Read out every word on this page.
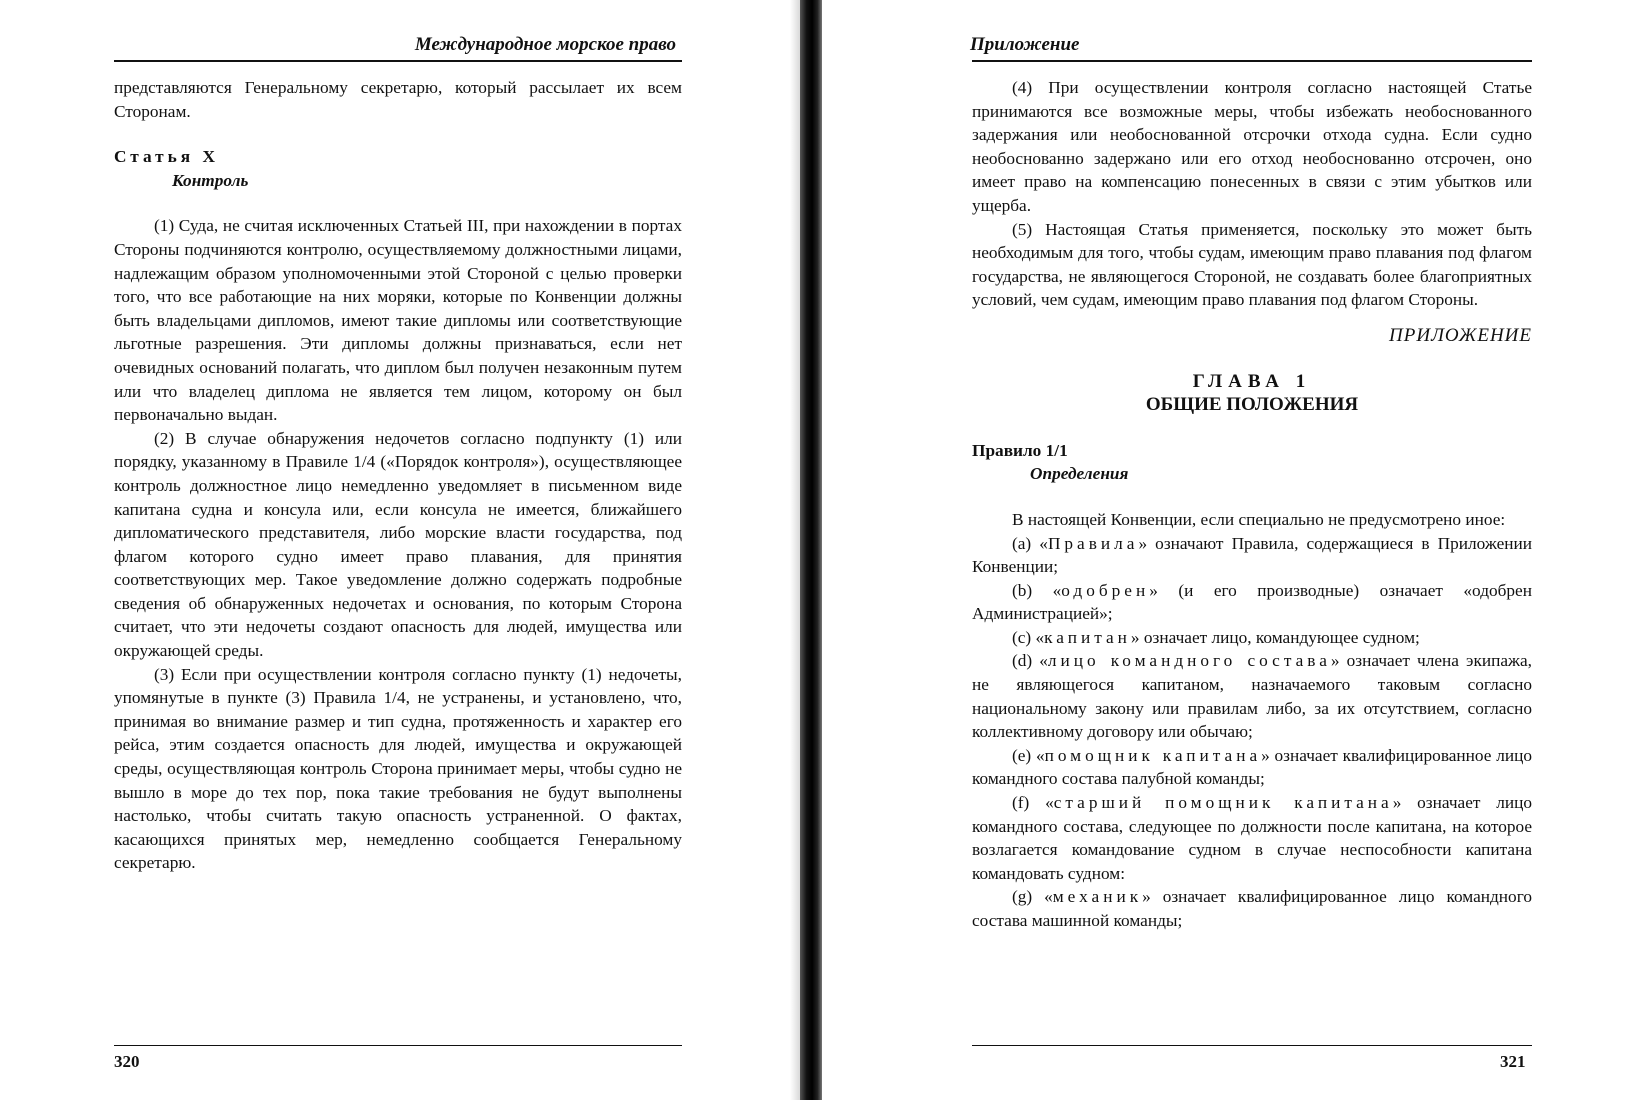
Международное морское право

представляются Генеральному секретарю, который рассылает их всем Сторонам.

Статья X

Контроль

(1) Суда, не считая исключенных Статьей III, при нахождении в портах Стороны подчиняются контролю, осуществляемому должностными лицами, надлежащим образом уполномоченными этой Стороной с целью проверки того, что все работающие на них моряки, которые по Конвенции должны быть владельцами дипломов, имеют такие дипломы или соответствующие льготные разрешения. Эти дипломы должны признаваться, если нет очевидных оснований полагать, что диплом был получен незаконным путем или что владелец диплома не является тем лицом, которому он был первоначально выдан.

(2) В случае обнаружения недочетов согласно подпункту (1) или порядку, указанному в Правиле 1/4 («Порядок контроля»), осуществляющее контроль должностное лицо немедленно уведомляет в письменном виде капитана судна и консула или, если консула не имеется, ближайшего дипломатического представителя, либо морские власти государства, под флагом которого судно имеет право плавания, для принятия соответствующих мер. Такое уведомление должно содержать подробные сведения об обнаруженных недочетах и основания, по которым Сторона считает, что эти недочеты создают опасность для людей, имущества или окружающей среды.

(3) Если при осуществлении контроля согласно пункту (1) недочеты, упомянутые в пункте (3) Правила 1/4, не устранены, и установлено, что, принимая во внимание размер и тип судна, протяженность и характер его рейса, этим создается опасность для людей, имущества и окружающей среды, осуществляющая контроль Сторона принимает меры, чтобы судно не вышло в море до тех пор, пока такие требования не будут выполнены настолько, чтобы считать такую опасность устраненной. О фактах, касающихся принятых мер, немедленно сообщается Генеральному секретарю.

320
Приложение

(4) При осуществлении контроля согласно настоящей Статье принимаются все возможные меры, чтобы избежать необоснованного задержания или необоснованной отсрочки отхода судна. Если судно необоснованно задержано или его отход необоснованно отсрочен, оно имеет право на компенсацию понесенных в связи с этим убытков или ущерба.

(5) Настоящая Статья применяется, поскольку это может быть необходимым для того, чтобы судам, имеющим право плавания под флагом государства, не являющегося Стороной, не создавать более благоприятных условий, чем судам, имеющим право плавания под флагом Стороны.

ПРИЛОЖЕНИЕ

ГЛАВА 1

ОБЩИЕ ПОЛОЖЕНИЯ

Правило 1/1

Определения

В настоящей Конвенции, если специально не предусмотрено иное:

(a) «Правила» означают Правила, содержащиеся в Приложении Конвенции;

(b) «одобрен» (и его производные) означает «одобрен Администрацией»;

(c) «капитан» означает лицо, командующее судном;

(d) «лицо командного состава» означает члена экипажа, не являющегося капитаном, назначаемого таковым согласно национальному закону или правилам либо, за их отсутствием, согласно коллективному договору или обычаю;

(e) «помощник капитана» означает квалифицированное лицо командного состава палубной команды;

(f) «старший помощник капитана» означает лицо командного состава, следующее по должности после капитана, на которое возлагается командование судном в случае неспособности капитана командовать судном:

(g) «механик» означает квалифицированное лицо командного состава машинной команды;

321
